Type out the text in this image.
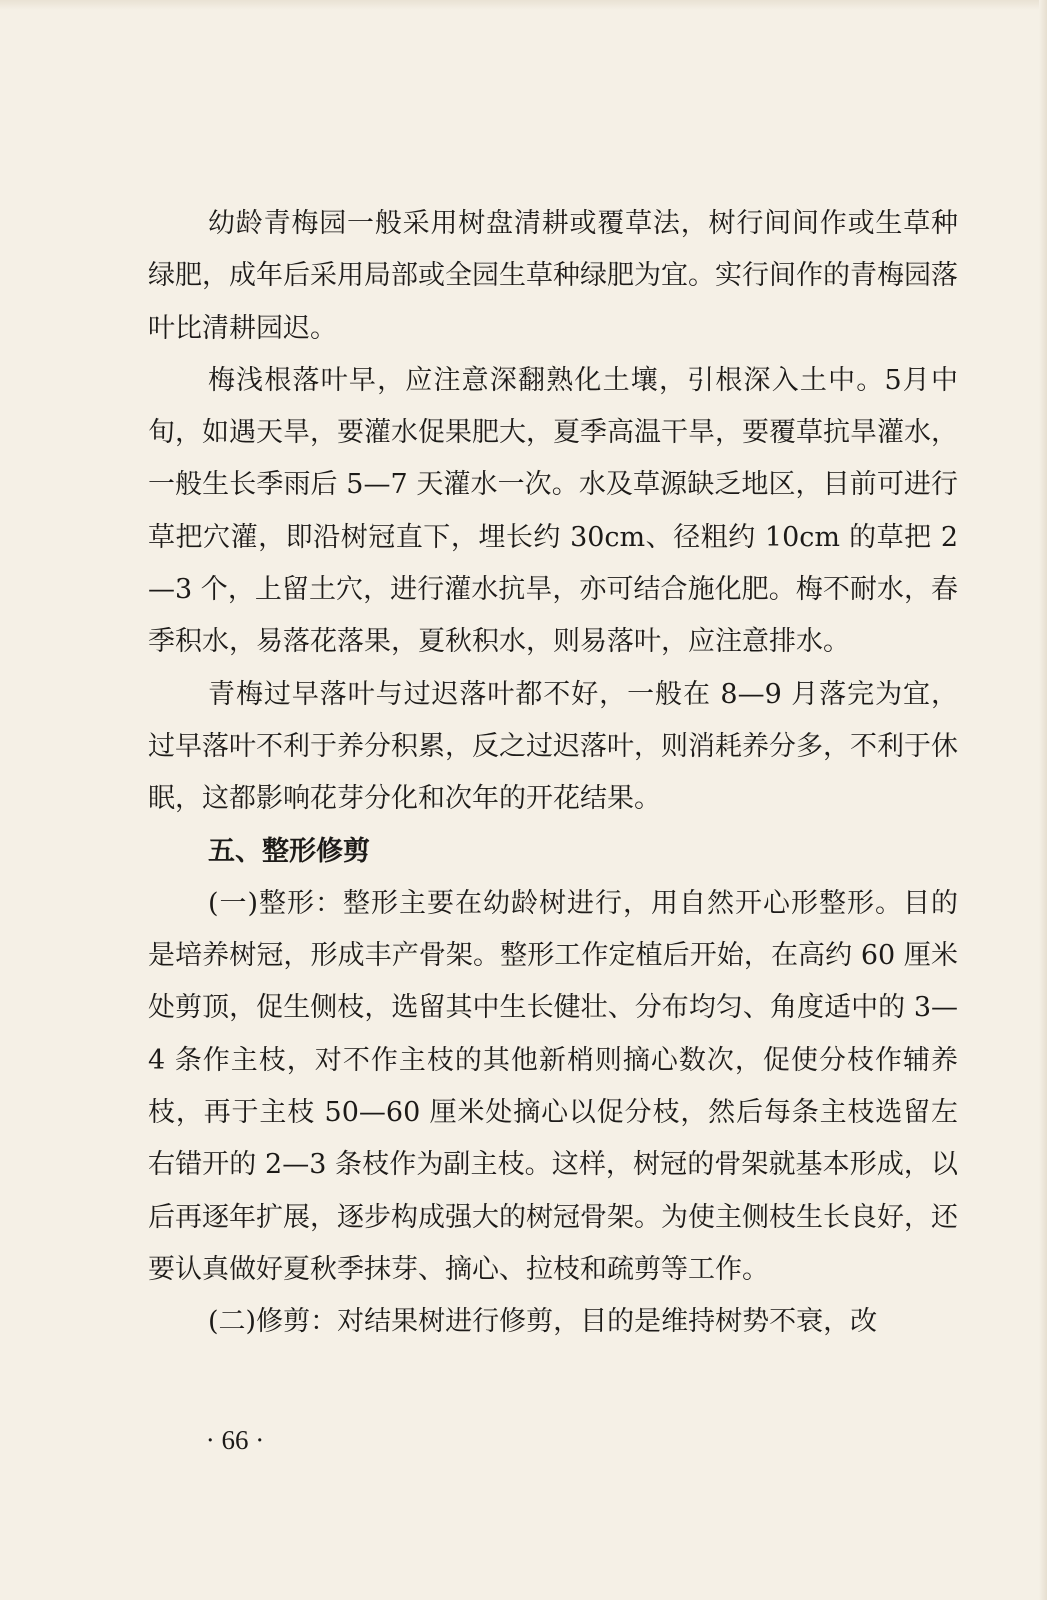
幼龄青梅园一般采用树盘清耕或覆草法，树行间间作或生草种绿肥，成年后采用局部或全园生草种绿肥为宜。实行间作的青梅园落叶比清耕园迟。

梅浅根落叶早，应注意深翻熟化土壤，引根深入土中。5月中旬，如遇天旱，要灌水促果肥大，夏季高温干旱，要覆草抗旱灌水，一般生长季雨后 5—7 天灌水一次。水及草源缺乏地区，目前可进行草把穴灌，即沿树冠直下，埋长约 30cm、径粗约 10cm 的草把 2—3 个，上留土穴，进行灌水抗旱，亦可结合施化肥。梅不耐水，春季积水，易落花落果，夏秋积水，则易落叶，应注意排水。

青梅过早落叶与过迟落叶都不好，一般在 8—9 月落完为宜，过早落叶不利于养分积累，反之过迟落叶，则消耗养分多，不利于休眠，这都影响花芽分化和次年的开花结果。

五、整形修剪

(一)整形：整形主要在幼龄树进行，用自然开心形整形。目的是培养树冠，形成丰产骨架。整形工作定植后开始，在高约 60 厘米处剪顶，促生侧枝，选留其中生长健壮、分布均匀、角度适中的 3—4 条作主枝，对不作主枝的其他新梢则摘心数次，促使分枝作辅养枝，再于主枝 50—60 厘米处摘心以促分枝，然后每条主枝选留左右错开的 2—3 条枝作为副主枝。这样，树冠的骨架就基本形成，以后再逐年扩展，逐步构成强大的树冠骨架。为使主侧枝生长良好，还要认真做好夏秋季抹芽、摘心、拉枝和疏剪等工作。

(二)修剪：对结果树进行修剪，目的是维持树势不衰，改

· 66 ·
